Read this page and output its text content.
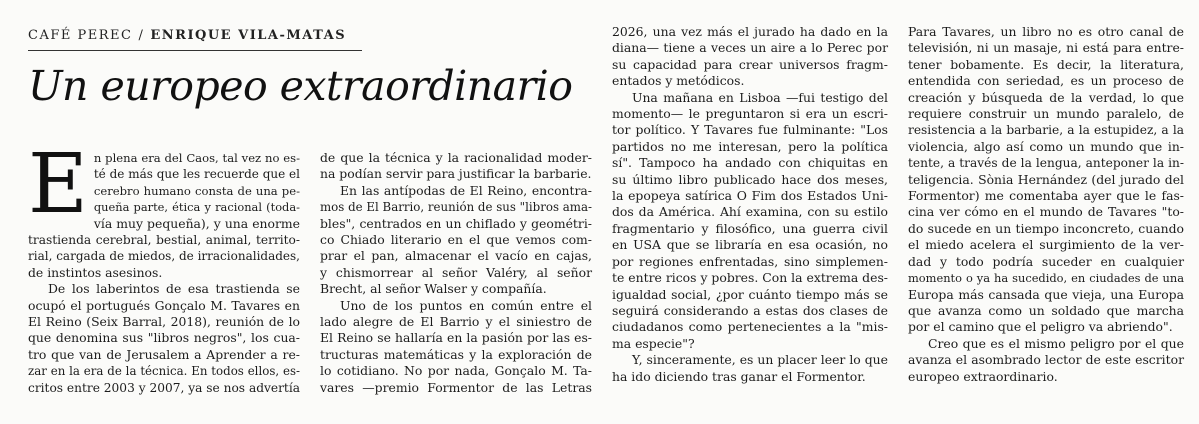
CAFÉ PEREC / ENRIQUE VILA-MATAS
Un europeo extraordinario
E n plena era del Caos, tal vez no es-
té de más que les recuerde que el
cerebro humano consta de una pe-
queña parte, ética y racional (toda-
vía muy pequeña), y una enorme
trastienda cerebral, bestial, animal, territo-
rial, cargada de miedos, de irracionalidades,
de instintos asesinos.
De los laberintos de esa trastienda se
ocupó el portugués Gonçalo M. Tavares en
El Reino (Seix Barral, 2018), reunión de lo
que denomina sus "libros negros", los cua-
tro que van de Jerusalem a Aprender a re-
zar en la era de la técnica. En todos ellos, es-
critos entre 2003 y 2007, ya se nos advertía
de que la técnica y la racionalidad moder-
na podían servir para justificar la barbarie.
En las antípodas de El Reino, encontra-
mos de El Barrio, reunión de sus "libros ama-
bles", centrados en un chiflado y geométri-
co Chiado literario en el que vemos com-
prar el pan, almacenar el vacío en cajas,
y chismorrear al señor Valéry, al señor
Brecht, al señor Walser y compañía.
Uno de los puntos en común entre el
lado alegre de El Barrio y el siniestro de
El Reino se hallaría en la pasión por las es-
tructuras matemáticas y la exploración de
lo cotidiano. No por nada, Gonçalo M. Ta-
vares —premio Formentor de las Letras
2026, una vez más el jurado ha dado en la
diana— tiene a veces un aire a lo Perec por
su capacidad para crear universos fragm-
entados y metódicos.
Una mañana en Lisboa —fui testigo del
momento— le preguntaron si era un escri-
tor político. Y Tavares fue fulminante: "Los
partidos no me interesan, pero la política
sí". Tampoco ha andado con chiquitas en
su último libro publicado hace dos meses,
la epopeya satírica O Fim dos Estados Uni-
dos da América. Ahí examina, con su estilo
fragmentario y filosófico, una guerra civil
en USA que se libraría en esa ocasión, no
por regiones enfrentadas, sino simplemen-
te entre ricos y pobres. Con la extrema des-
igualdad social, ¿por cuánto tiempo más se
seguirá considerando a estas dos clases de
ciudadanos como pertenecientes a la "mis-
ma especie"?
Y, sinceramente, es un placer leer lo que
ha ido diciendo tras ganar el Formentor.
Para Tavares, un libro no es otro canal de
televisión, ni un masaje, ni está para entre-
tener bobamente. Es decir, la literatura,
entendida con seriedad, es un proceso de
creación y búsqueda de la verdad, lo que
requiere construir un mundo paralelo, de
resistencia a la barbarie, a la estupidez, a la
violencia, algo así como un mundo que in-
tente, a través de la lengua, anteponer la in-
teligencia. Sònia Hernández (del jurado del
Formentor) me comentaba ayer que le fas-
cina ver cómo en el mundo de Tavares "to-
do sucede en un tiempo inconcreto, cuando
el miedo acelera el surgimiento de la ver-
dad y todo podría suceder en cualquier
momento o ya ha sucedido, en ciudades de una
Europa más cansada que vieja, una Europa
que avanza como un soldado que marcha
por el camino que el peligro va abriendo".
Creo que es el mismo peligro por el que
avanza el asombrado lector de este escritor
europeo extraordinario.
